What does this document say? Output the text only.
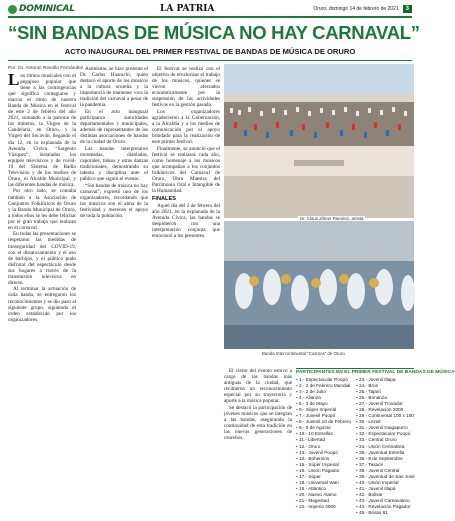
DOMINICAL	LA PATRIA	Oruro, domingo 14 de febrero de 2021	3
“SIN BANDAS DE MÚSICA NO HAY CARNAVAL”
ACTO INAUGURAL DEL PRIMER FESTIVAL DE BANDAS DE MÚSICA DE ORURO
Por: Dr. Antonio Revollo Fernández

Los ritmos musicales con el pegajoso popular que tiene a las contingencias que significa contagiarse y marcar el ritmo de nuestra Banda de Música en el festival de este 2 de febrero del año 2021, sumando a la patrona de los mineros, la Virgen de la Candelaria, en Oruro, y la Virgen del Socavón, llegando el día 12, en la explanada de la Avenida Cívica “Sargento Vázquez”, instalados los equipos televisivos y de covid-19 del Sistema de Radio Televisión y de los medios de Oruro, el Alcalde Municipal, y las diferentes bandas de música.

Por otro lado, se contaba también a la Asociación de Conjuntos Folklóricos de Oruro y la Banda Municipal de Oruro, a todos ellos se les debe felicitar por el gran trabajo que realizan en el carnaval.

En todas las presentaciones se respetaron las medidas de bioseguridad del COVID-19, con el distanciamiento y el uso de barbijos, y el público pudo disfrutar del espectáculo desde sus hogares a través de la transmisión televisiva en directo.

Al terminar la actuación de cada banda, se entregaron los reconocimientos y se dio paso al siguiente grupo, siguiendo el orden establecido por los organizadores.

Asimismo, se hizo presente el Dr. Carlos Huarachi, quien destacó el aporte de los músicos a la cultura orureña y la importancia de mantener viva la tradición del carnaval a pesar de la pandemia.

En el acto inaugural participaron autoridades departamentales y municipales, además de representantes de las distintas asociaciones de bandas de la ciudad de Oruro.

Las bandas interpretaron morenadas, diabladas, caporales, tinkus y otras danzas tradicionales, demostrando su talento y disciplina ante el público que siguió el evento.

“Sin bandas de música no hay carnaval”, expresó uno de los organizadores, recordando que los músicos son el alma de la festividad y merecen el apoyo de toda la población.

El festival se realizó con el objetivo de revalorizar el trabajo de los músicos, quienes se vieron afectados económicamente por la suspensión de las actividades festivas en la gestión pasada.

Los organizadores agradecieron a la Gobernación, a la Alcaldía y a los medios de comunicación por el apoyo brindado para la realización de este primer festival.

Finalmente, se anunció que el festival se realizará cada año, como homenaje a los músicos que acompañan a los conjuntos folklóricos del Carnaval de Oruro, Obra Maestra del Patrimonio Oral e Intangible de la Humanidad.

FINALES

Aquel día del 2 de febrero del año 2021, en la explanada de la Avenida Cívica, las bandas se despidieron con una interpretación conjunta que emocionó a los presentes.

Dr. Claus Zilmer Ramirez, artista
Banda Intercontinental “Cosmos” de Oruro

El cierre del evento estuvo a cargo de las bandas más antiguas de la ciudad, que recibieron un reconocimiento especial por su trayectoria y aporte a la música popular.

Se destacó la participación de jóvenes músicos que se integran a las bandas, asegurando la continuidad de esta tradición en las nuevas generaciones de orureños.

PARTICIPANTES EN EL PRIMER FESTIVAL DE BANDAS DE MÚSICA
▪ 1.- Espectacular Poopó
▪ 2.- 2 de Febrero Mundial
▪ 3.- 2 de Julio
▪ 4.- Alianza
▪ 5.- 3 de Mayo
▪ 6.- Súper Imperial
▪ 7.- Juvenil Poopó
▪ 8.- Juvenil 10 de Febrero
▪ 9.- 9 de Agosto
▪ 10.- 10 Estrellas
▪ 11.- Libertad
▪ 12.- Oruro
▪ 13.- Juvenil Poopó
▪ 14.- Bohemios
▪ 15.- Súper Imperial
▪ 16.- Unión Pagador
▪ 17.- Súper
▪ 18.- Universal Wari
▪ 19.- Atlántico
▪ 20.- Nuevo Álamo
▪ 21.- Magestad
▪ 22.- Imperio 2000
▪ 23.- Juvenil Illapa
▪ 24.- Bros
▪ 25.- Tajaní
▪ 26.- Bonanza
▪ 27.- Juvenil Trovador
▪ 28.- Revelación 2000
▪ 29.- Continental 100 x 100
▪ 30.- Lezali
▪ 31.- Juvenil Gaigapurro
▪ 32.- Espectacular Poopó
▪ 33.- Central Oruro
▪ 34.- Unión Centralista
▪ 35.- Juventud Estrella
▪ 36.- 8 de Septiembre
▪ 37.- Tasacé
▪ 38.- Juvenil Central
▪ 39.- Juventud de San José
▪ 40.- Unión Imperial
▪ 41.- Juvenil Illapa
▪ 42.- Bolivar
▪ 43.- Juvenil Carnavalero
▪ 44.- Revelación Pagador
▪ 45.- Brisas 81
